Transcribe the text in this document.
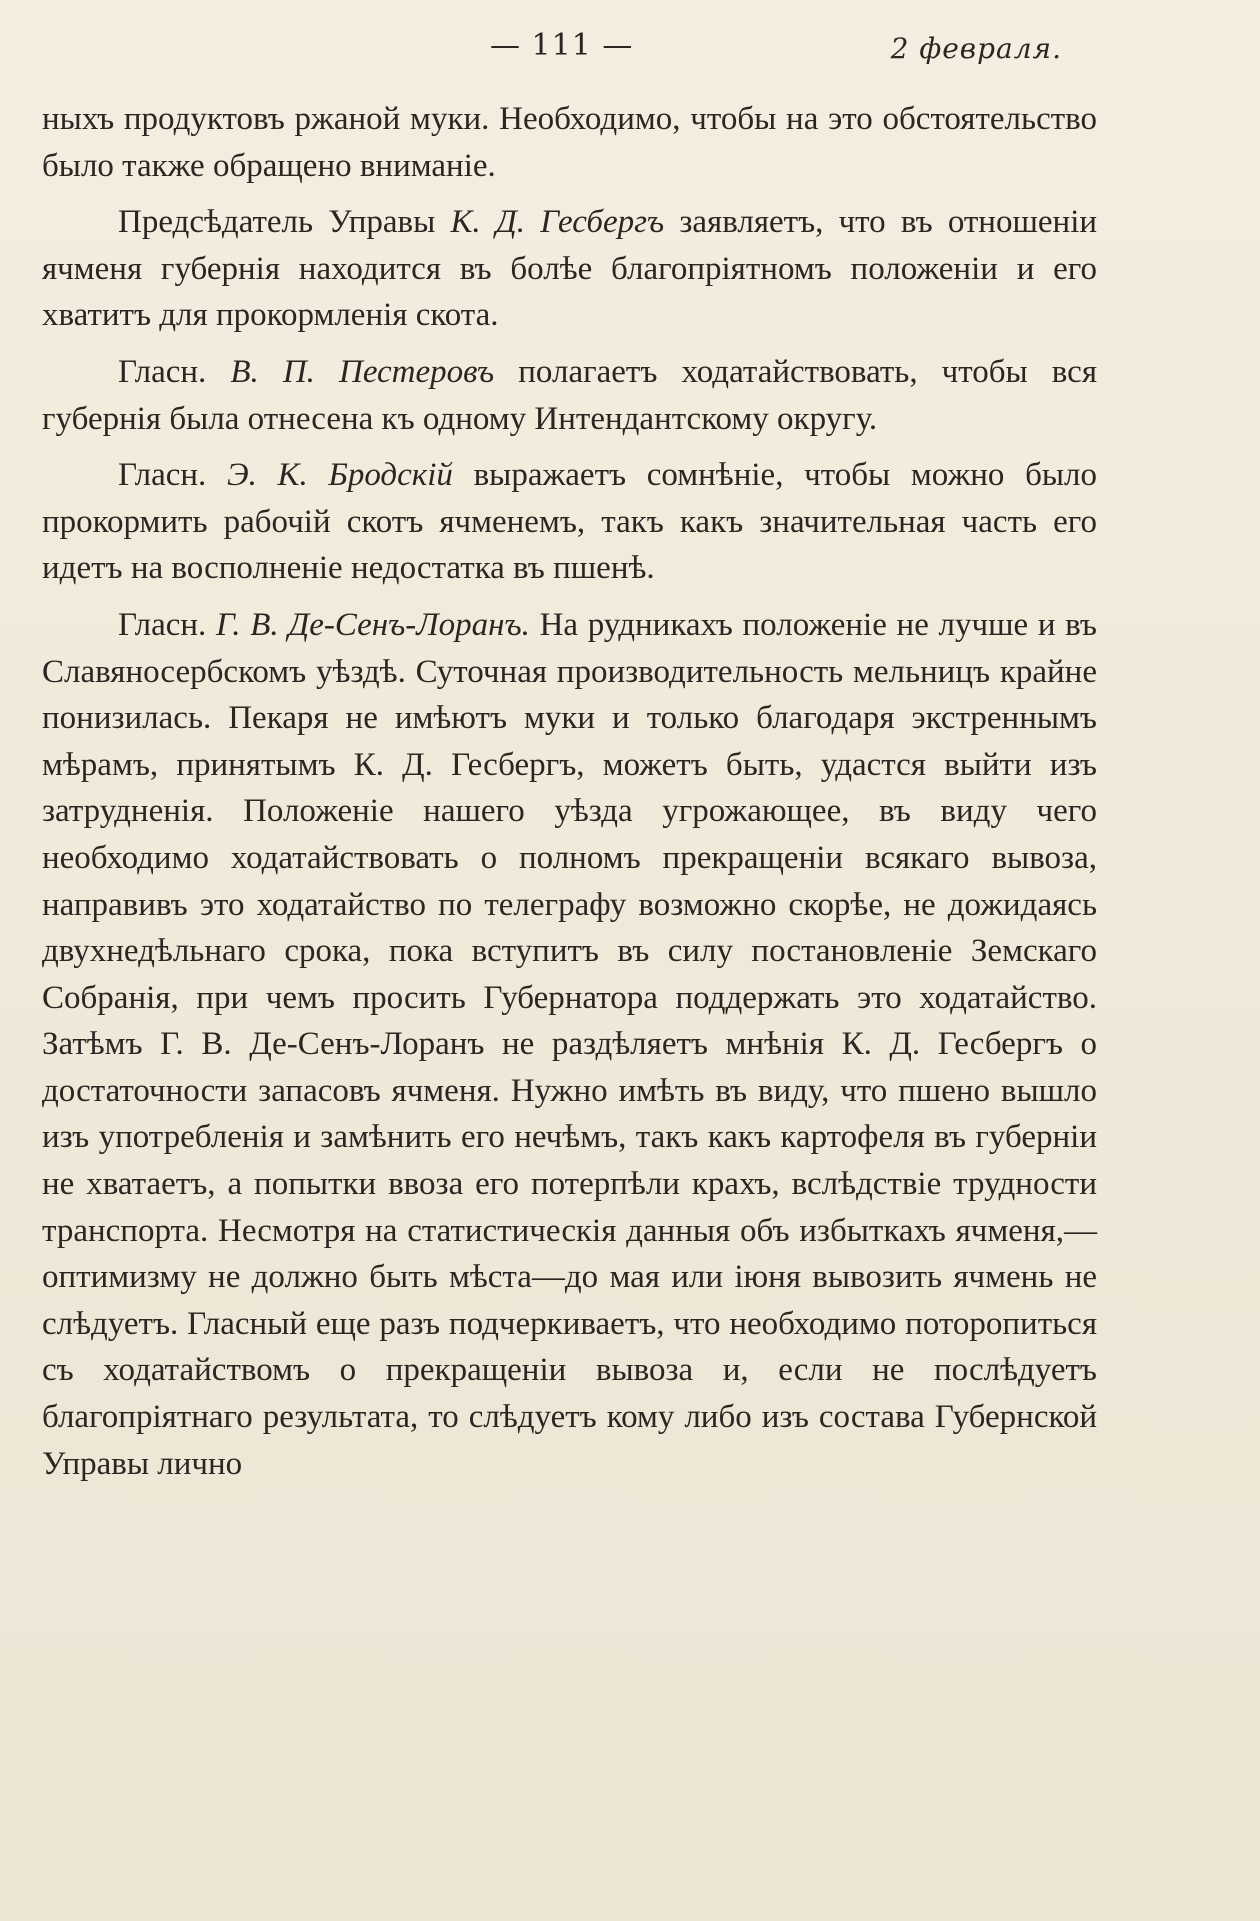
— 111 —	2 февраля.

ныхъ продуктовъ ржаной муки. Необходимо, чтобы на это обстоятельство было также обращено вниманіе.

Предсѣдатель Управы К. Д. Гесбергъ заявляетъ, что въ отношеніи ячменя губернія находится въ болѣе благопріятномъ положеніи и его хватитъ для прокормленія скота.

Гласн. В. П. Пестеровъ полагаетъ ходатайствовать, чтобы вся губернія была отнесена къ одному Интендантскому округу.

Гласн. Э. К. Бродскій выражаетъ сомнѣніе, чтобы можно было прокормить рабочій скотъ ячменемъ, такъ какъ значительная часть его идетъ на восполненіе недостатка въ пшенѣ.

Гласн. Г. В. Де-Сенъ-Лоранъ. На рудникахъ положеніе не лучше и въ Славяносербскомъ уѣздѣ. Суточная производительность мельницъ крайне понизилась. Пекаря не имѣютъ муки и только благодаря экстреннымъ мѣрамъ, принятымъ К. Д. Гесбергъ, можетъ быть, удастся выйти изъ затрудненія. Положеніе нашего уѣзда угрожающее, въ виду чего необходимо ходатайствовать о полномъ прекращеніи всякаго вывоза, направивъ это ходатайство по телеграфу возможно скорѣе, не дожидаясь двухнедѣльнаго срока, пока вступитъ въ силу постановленіе Земскаго Собранія, при чемъ просить Губернатора поддержать это ходатайство. Затѣмъ Г. В. Де-Сенъ-Лоранъ не раздѣляетъ мнѣнія К. Д. Гесбергъ о достаточности запасовъ ячменя. Нужно имѣть въ виду, что пшено вышло изъ употребленія и замѣнить его нечѣмъ, такъ какъ картофеля въ губерніи не хватаетъ, а попытки ввоза его потерпѣли крахъ, вслѣдствіе трудности транспорта. Несмотря на статистическія данныя объ избыткахъ ячменя,— оптимизму не должно быть мѣста—до мая или іюня вывозить ячмень не слѣдуетъ. Гласный еще разъ подчеркиваетъ, что необходимо поторопиться съ ходатайствомъ о прекращеніи вывоза и, если не послѣдуетъ благопріятнаго результата, то слѣдуетъ кому либо изъ состава Губернской Управы лично
